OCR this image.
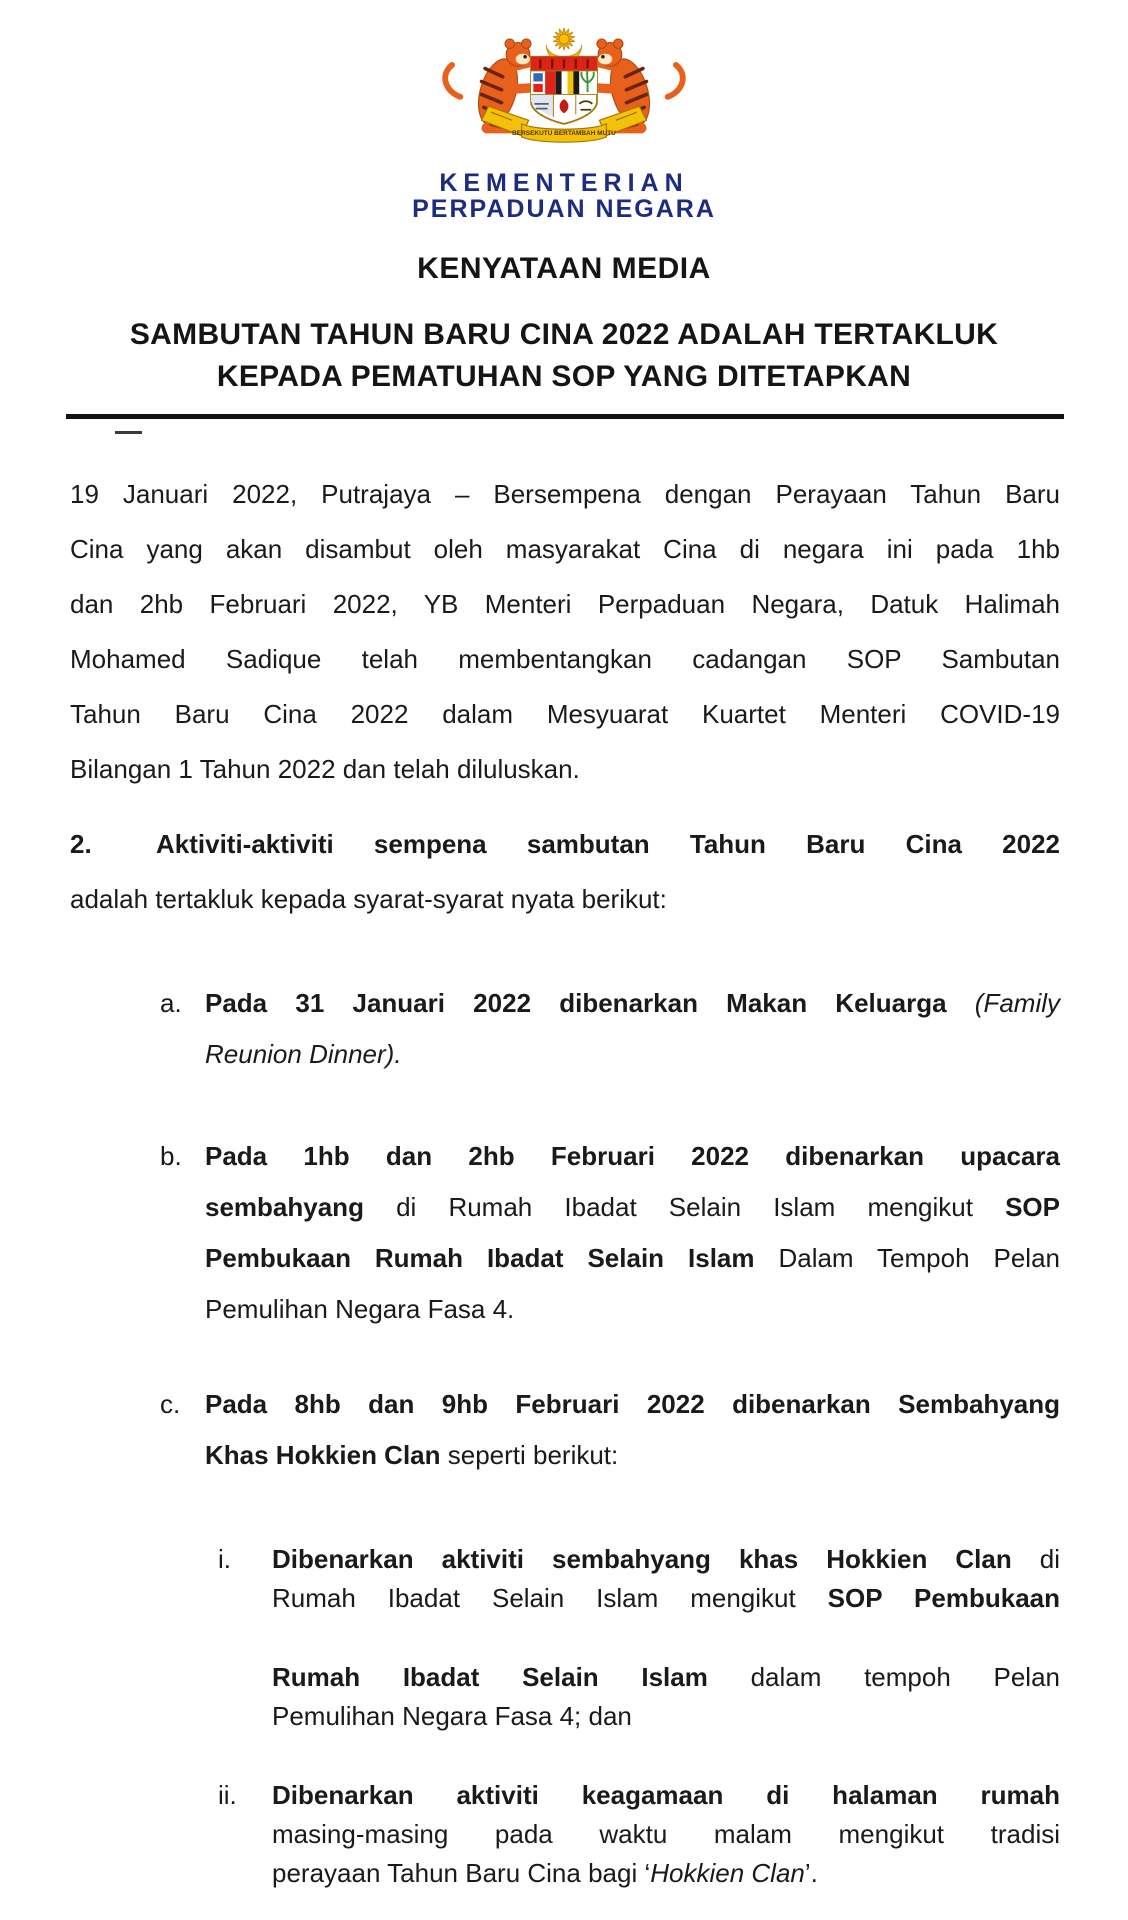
BERSEKUTU BERTAMBAH MUTU
KEMENTERIAN
PERPADUAN NEGARA
KENYATAAN MEDIA
SAMBUTAN TAHUN BARU CINA 2022 ADALAH TERTAKLUK
KEPADA PEMATUHAN SOP YANG DITETAPKAN
19 Januari 2022, Putrajaya – Bersempena dengan Perayaan Tahun Baru
Cina yang akan disambut oleh masyarakat Cina di negara ini pada 1hb
dan 2hb Februari 2022, YB Menteri Perpaduan Negara, Datuk Halimah
Mohamed Sadique telah membentangkan cadangan SOP Sambutan
Tahun Baru Cina 2022 dalam Mesyuarat Kuartet Menteri COVID-19
Bilangan 1 Tahun 2022 dan telah diluluskan.
2. Aktiviti-aktiviti sempena sambutan Tahun Baru Cina 2022
adalah tertakluk kepada syarat-syarat nyata berikut:
a. Pada 31 Januari 2022 dibenarkan Makan Keluarga (Family
Reunion Dinner).
b. Pada 1hb dan 2hb Februari 2022 dibenarkan upacara
sembahyang di Rumah Ibadat Selain Islam mengikut SOP
Pembukaan Rumah Ibadat Selain Islam Dalam Tempoh Pelan
Pemulihan Negara Fasa 4.
c. Pada 8hb dan 9hb Februari 2022 dibenarkan Sembahyang
Khas Hokkien Clan seperti berikut:
i.	Dibenarkan aktiviti sembahyang khas Hokkien Clan di
Rumah Ibadat Selain Islam mengikut SOP Pembukaan
Rumah Ibadat Selain Islam dalam tempoh Pelan
Pemulihan Negara Fasa 4; dan
ii.	Dibenarkan aktiviti keagamaan di halaman rumah
masing-masing pada waktu malam mengikut tradisi
perayaan Tahun Baru Cina bagi ‘Hokkien Clan’.
